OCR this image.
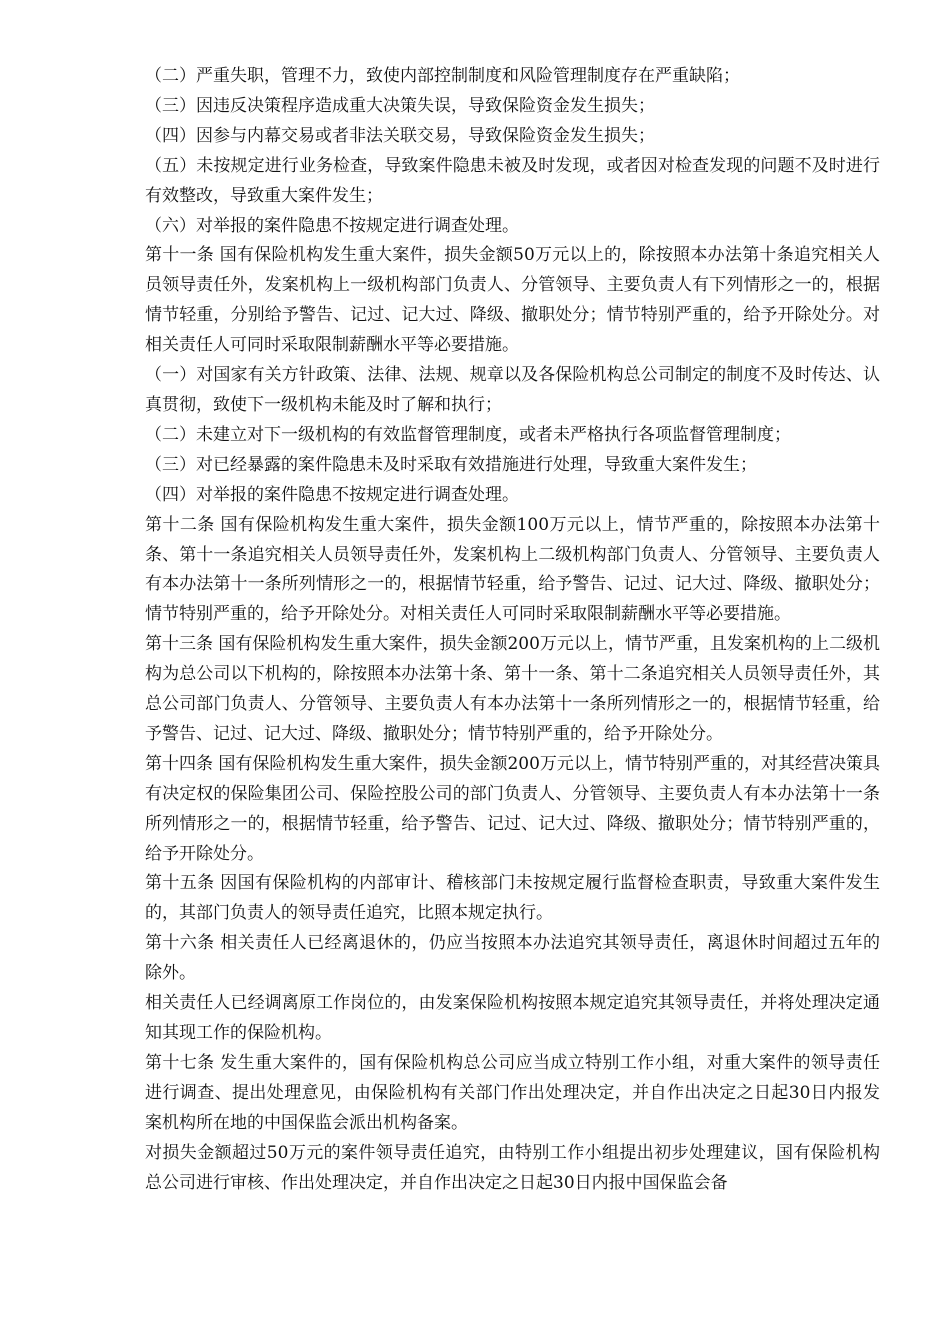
（二）严重失职，管理不力，致使内部控制制度和风险管理制度存在严重缺陷；

（三）因违反决策程序造成重大决策失误，导致保险资金发生损失；

（四）因参与内幕交易或者非法关联交易，导致保险资金发生损失；

（五）未按规定进行业务检查，导致案件隐患未被及时发现，或者因对检查发现的问题不及时进行有效整改，导致重大案件发生；

（六）对举报的案件隐患不按规定进行调查处理。

第十一条 国有保险机构发生重大案件，损失金额50万元以上的，除按照本办法第十条追究相关人员领导责任外，发案机构上一级机构部门负责人、分管领导、主要负责人有下列情形之一的，根据情节轻重，分别给予警告、记过、记大过、降级、撤职处分；情节特别严重的，给予开除处分。对相关责任人可同时采取限制薪酬水平等必要措施。

（一）对国家有关方针政策、法律、法规、规章以及各保险机构总公司制定的制度不及时传达、认真贯彻，致使下一级机构未能及时了解和执行；

（二）未建立对下一级机构的有效监督管理制度，或者未严格执行各项监督管理制度；

（三）对已经暴露的案件隐患未及时采取有效措施进行处理，导致重大案件发生；

（四）对举报的案件隐患不按规定进行调查处理。

第十二条 国有保险机构发生重大案件，损失金额100万元以上，情节严重的，除按照本办法第十条、第十一条追究相关人员领导责任外，发案机构上二级机构部门负责人、分管领导、主要负责人有本办法第十一条所列情形之一的，根据情节轻重，给予警告、记过、记大过、降级、撤职处分；情节特别严重的，给予开除处分。对相关责任人可同时采取限制薪酬水平等必要措施。

第十三条 国有保险机构发生重大案件，损失金额200万元以上，情节严重，且发案机构的上二级机构为总公司以下机构的，除按照本办法第十条、第十一条、第十二条追究相关人员领导责任外，其总公司部门负责人、分管领导、主要负责人有本办法第十一条所列情形之一的，根据情节轻重，给予警告、记过、记大过、降级、撤职处分；情节特别严重的，给予开除处分。

第十四条 国有保险机构发生重大案件，损失金额200万元以上，情节特别严重的，对其经营决策具有决定权的保险集团公司、保险控股公司的部门负责人、分管领导、主要负责人有本办法第十一条所列情形之一的，根据情节轻重，给予警告、记过、记大过、降级、撤职处分；情节特别严重的，给予开除处分。

第十五条 因国有保险机构的内部审计、稽核部门未按规定履行监督检查职责，导致重大案件发生的，其部门负责人的领导责任追究，比照本规定执行。

第十六条 相关责任人已经离退休的，仍应当按照本办法追究其领导责任，离退休时间超过五年的除外。

相关责任人已经调离原工作岗位的，由发案保险机构按照本规定追究其领导责任，并将处理决定通知其现工作的保险机构。

第十七条 发生重大案件的，国有保险机构总公司应当成立特别工作小组，对重大案件的领导责任进行调查、提出处理意见，由保险机构有关部门作出处理决定，并自作出决定之日起30日内报发案机构所在地的中国保监会派出机构备案。

对损失金额超过50万元的案件领导责任追究，由特别工作小组提出初步处理建议，国有保险机构总公司进行审核、作出处理决定，并自作出决定之日起30日内报中国保监会备
